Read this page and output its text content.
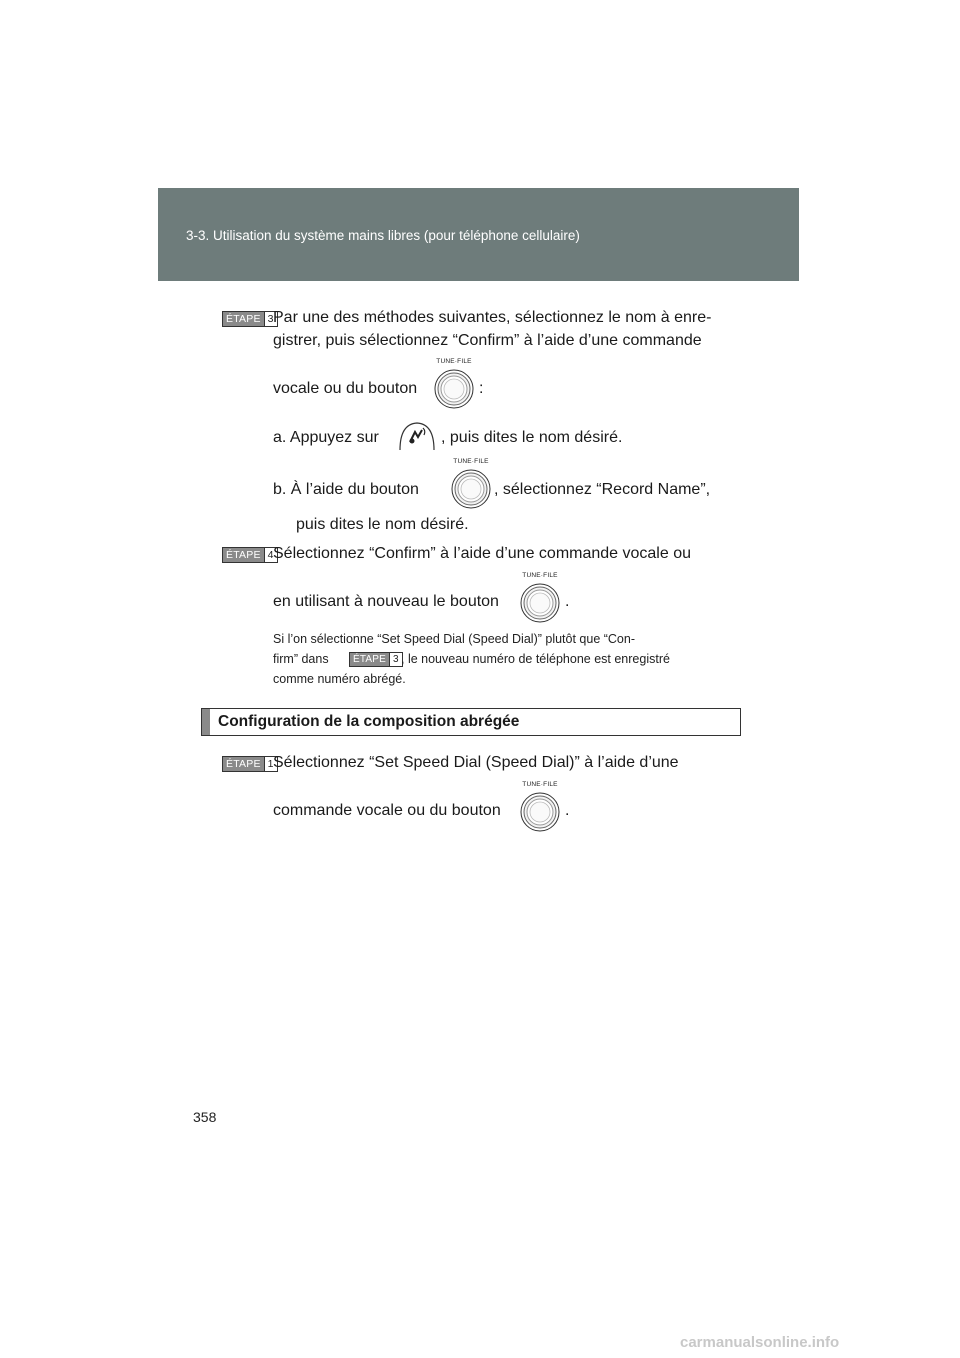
3-3. Utilisation du système mains libres (pour téléphone cellulaire)
ÉTAPE 3 Par une des méthodes suivantes, sélectionnez le nom à enre-
gistrer, puis sélectionnez “Confirm” à l’aide d’une commande
vocale ou du bouton
TUNE·FILE
:
a. Appuyez sur	, puis dites le nom désiré.
b. À l’aide du bouton
TUNE·FILE
, sélectionnez “Record Name”,
puis dites le nom désiré.
ÉTAPE 4 Sélectionnez “Confirm” à l’aide d’une commande vocale ou
en utilisant à nouveau le bouton
TUNE·FILE
.
Si l’on sélectionne “Set Speed Dial (Speed Dial)” plutôt que “Con-
firm” dans	ÉTAPE 3 , le nouveau numéro de téléphone est enregistré
comme numéro abrégé.
Configuration de la composition abrégée
ÉTAPE 1 Sélectionnez “Set Speed Dial (Speed Dial)” à l’aide d’une
commande vocale ou du bouton
TUNE·FILE
.
358
carmanualsonline.info
